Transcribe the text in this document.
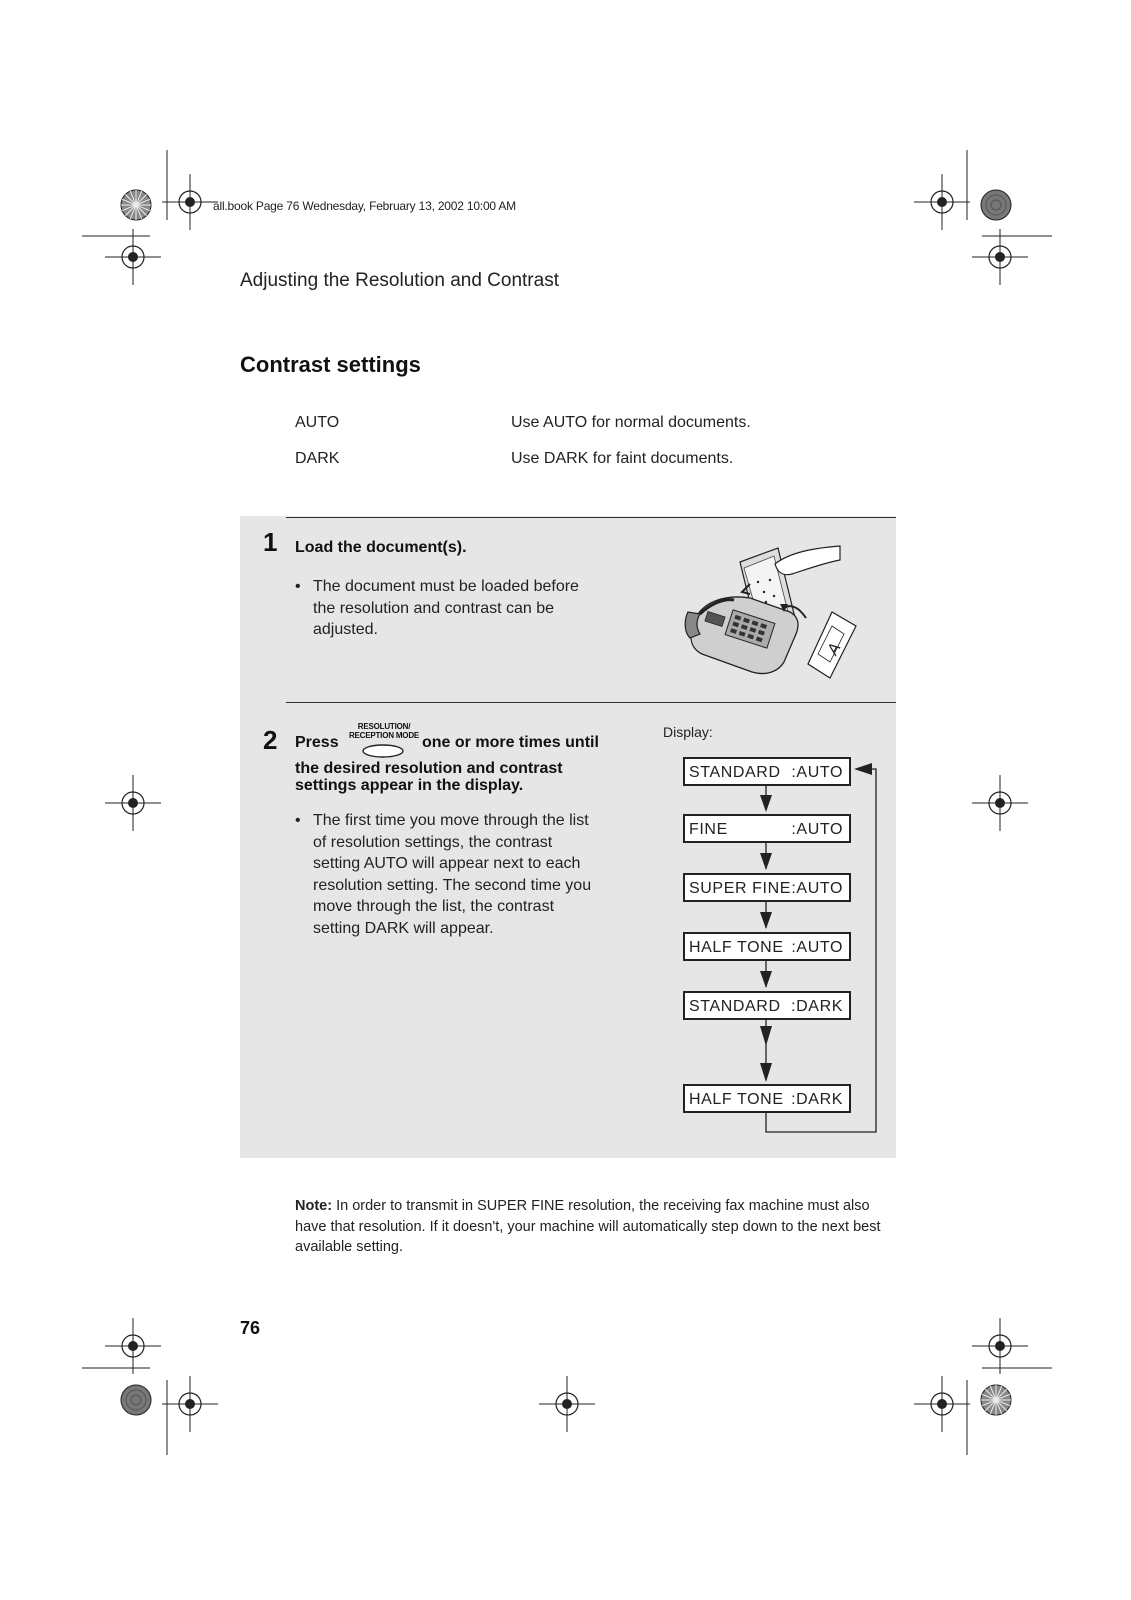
all.book Page 76 Wednesday, February 13, 2002 10:00 AM
Adjusting the Resolution and Contrast
Contrast settings
AUTO	Use AUTO for normal documents.
DARK	Use DARK for faint documents.
1 Load the document(s).
• The document must be loaded before
the resolution and contrast can be
adjusted.
A
2 Press
RESOLUTION/
RECEPTION MODE one or more times until
the desired resolution and contrast
settings appear in the display.
• The first time you move through the list
of resolution settings, the contrast
setting AUTO will appear next to each
resolution setting. The second time you
move through the list, the contrast
setting DARK will appear.
Display:
STANDARD :AUTO
FINE	:AUTO
SUPER FINE :AUTO
HALF TONE :AUTO
STANDARD :DARK
HALF TONE :DARK
Note: In order to transmit in SUPER FINE resolution, the receiving fax machine must also have that resolution. If it doesn't, your machine will automatically step down to the next best available setting.
76
